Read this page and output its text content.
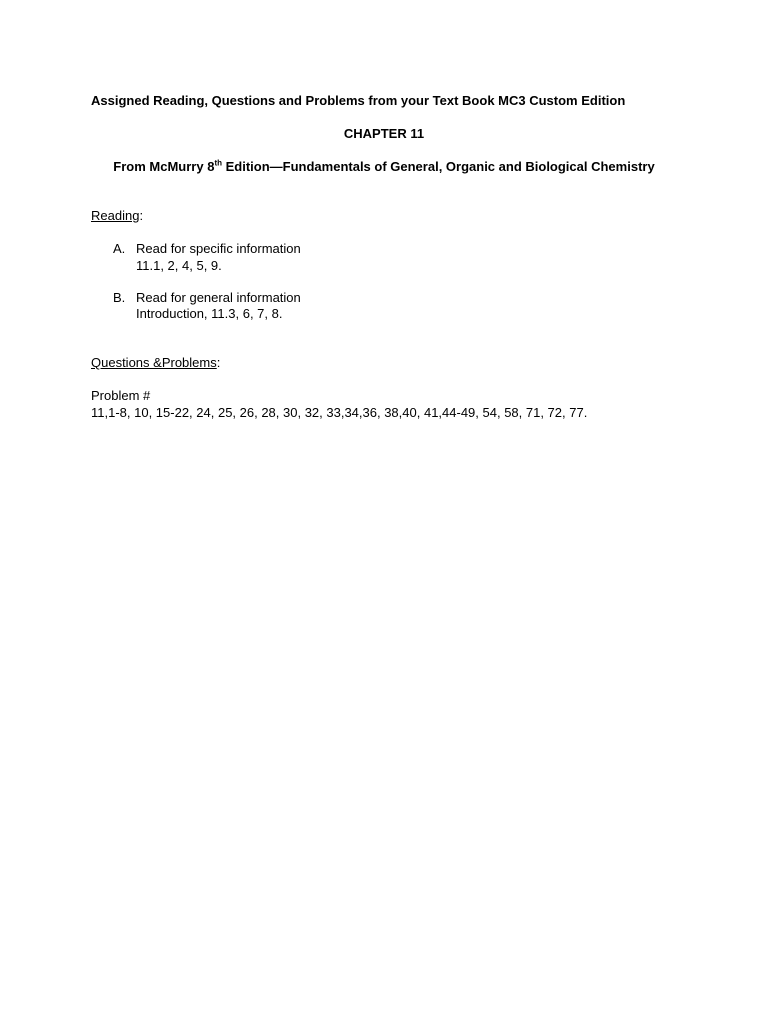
Assigned Reading, Questions and Problems from your Text Book MC3 Custom Edition
CHAPTER 11
From McMurry 8th Edition—Fundamentals of General, Organic and Biological Chemistry
Reading:
A. Read for specific information
11.1, 2, 4, 5, 9.
B. Read for general information
Introduction, 11.3, 6, 7, 8.
Questions &Problems:
Problem #
11,1-8, 10, 15-22, 24, 25, 26, 28, 30, 32, 33,34,36, 38,40, 41,44-49, 54, 58, 71, 72, 77.
